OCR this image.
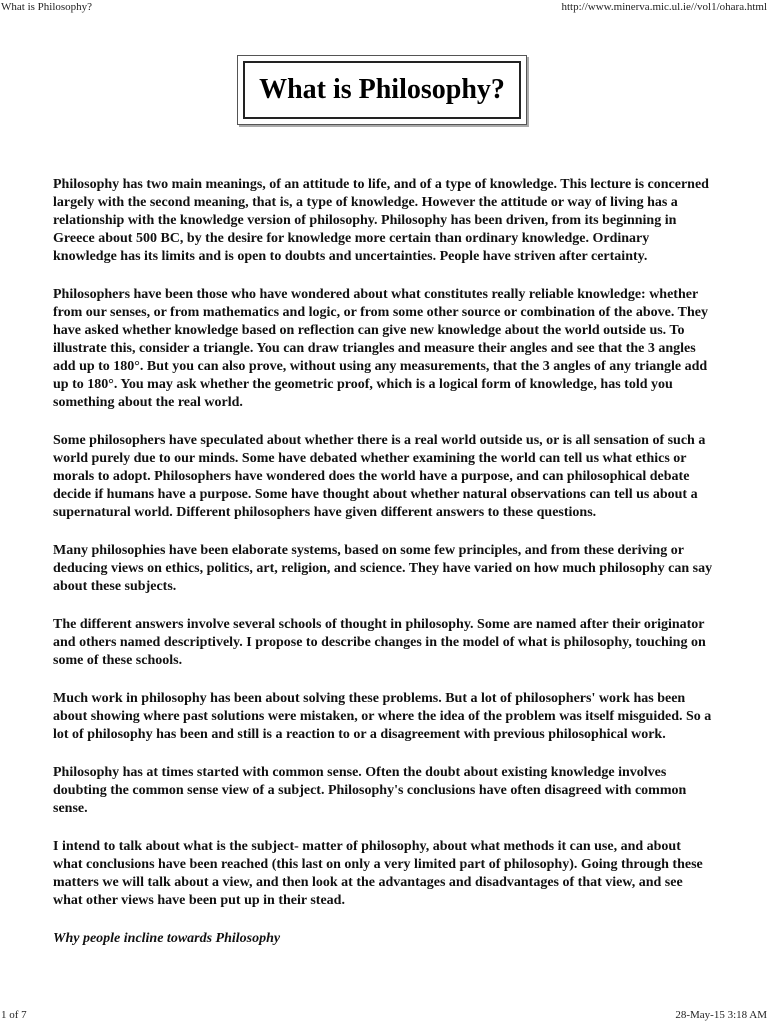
What is Philosophy?	http://www.minerva.mic.ul.ie//vol1/ohara.html
What is Philosophy?

Philosophy has two main meanings, of an attitude to life, and of a type of knowledge. This lecture is concerned largely with the second meaning, that is, a type of knowledge. However the attitude or way of living has a relationship with the knowledge version of philosophy. Philosophy has been driven, from its beginning in Greece about 500 BC, by the desire for knowledge more certain than ordinary knowledge. Ordinary knowledge has its limits and is open to doubts and uncertainties. People have striven after certainty.

Philosophers have been those who have wondered about what constitutes really reliable knowledge: whether from our senses, or from mathematics and logic, or from some other source or combination of the above. They have asked whether knowledge based on reflection can give new knowledge about the world outside us. To illustrate this, consider a triangle. You can draw triangles and measure their angles and see that the 3 angles add up to 180°. But you can also prove, without using any measurements, that the 3 angles of any triangle add up to 180°. You may ask whether the geometric proof, which is a logical form of knowledge, has told you something about the real world.

Some philosophers have speculated about whether there is a real world outside us, or is all sensation of such a world purely due to our minds. Some have debated whether examining the world can tell us what ethics or morals to adopt. Philosophers have wondered does the world have a purpose, and can philosophical debate decide if humans have a purpose. Some have thought about whether natural observations can tell us about a supernatural world. Different philosophers have given different answers to these questions.

Many philosophies have been elaborate systems, based on some few principles, and from these deriving or deducing views on ethics, politics, art, religion, and science. They have varied on how much philosophy can say about these subjects.

The different answers involve several schools of thought in philosophy. Some are named after their originator and others named descriptively. I propose to describe changes in the model of what is philosophy, touching on some of these schools.

Much work in philosophy has been about solving these problems. But a lot of philosophers' work has been about showing where past solutions were mistaken, or where the idea of the problem was itself misguided. So a lot of philosophy has been and still is a reaction to or a disagreement with previous philosophical work.

Philosophy has at times started with common sense. Often the doubt about existing knowledge involves doubting the common sense view of a subject. Philosophy's conclusions have often disagreed with common sense.

I intend to talk about what is the subject- matter of philosophy, about what methods it can use, and about what conclusions have been reached (this last on only a very limited part of philosophy). Going through these matters we will talk about a view, and then look at the advantages and disadvantages of that view, and see what other views have been put up in their stead.

Why people incline towards Philosophy

1 of 7	28-May-15 3:18 AM
